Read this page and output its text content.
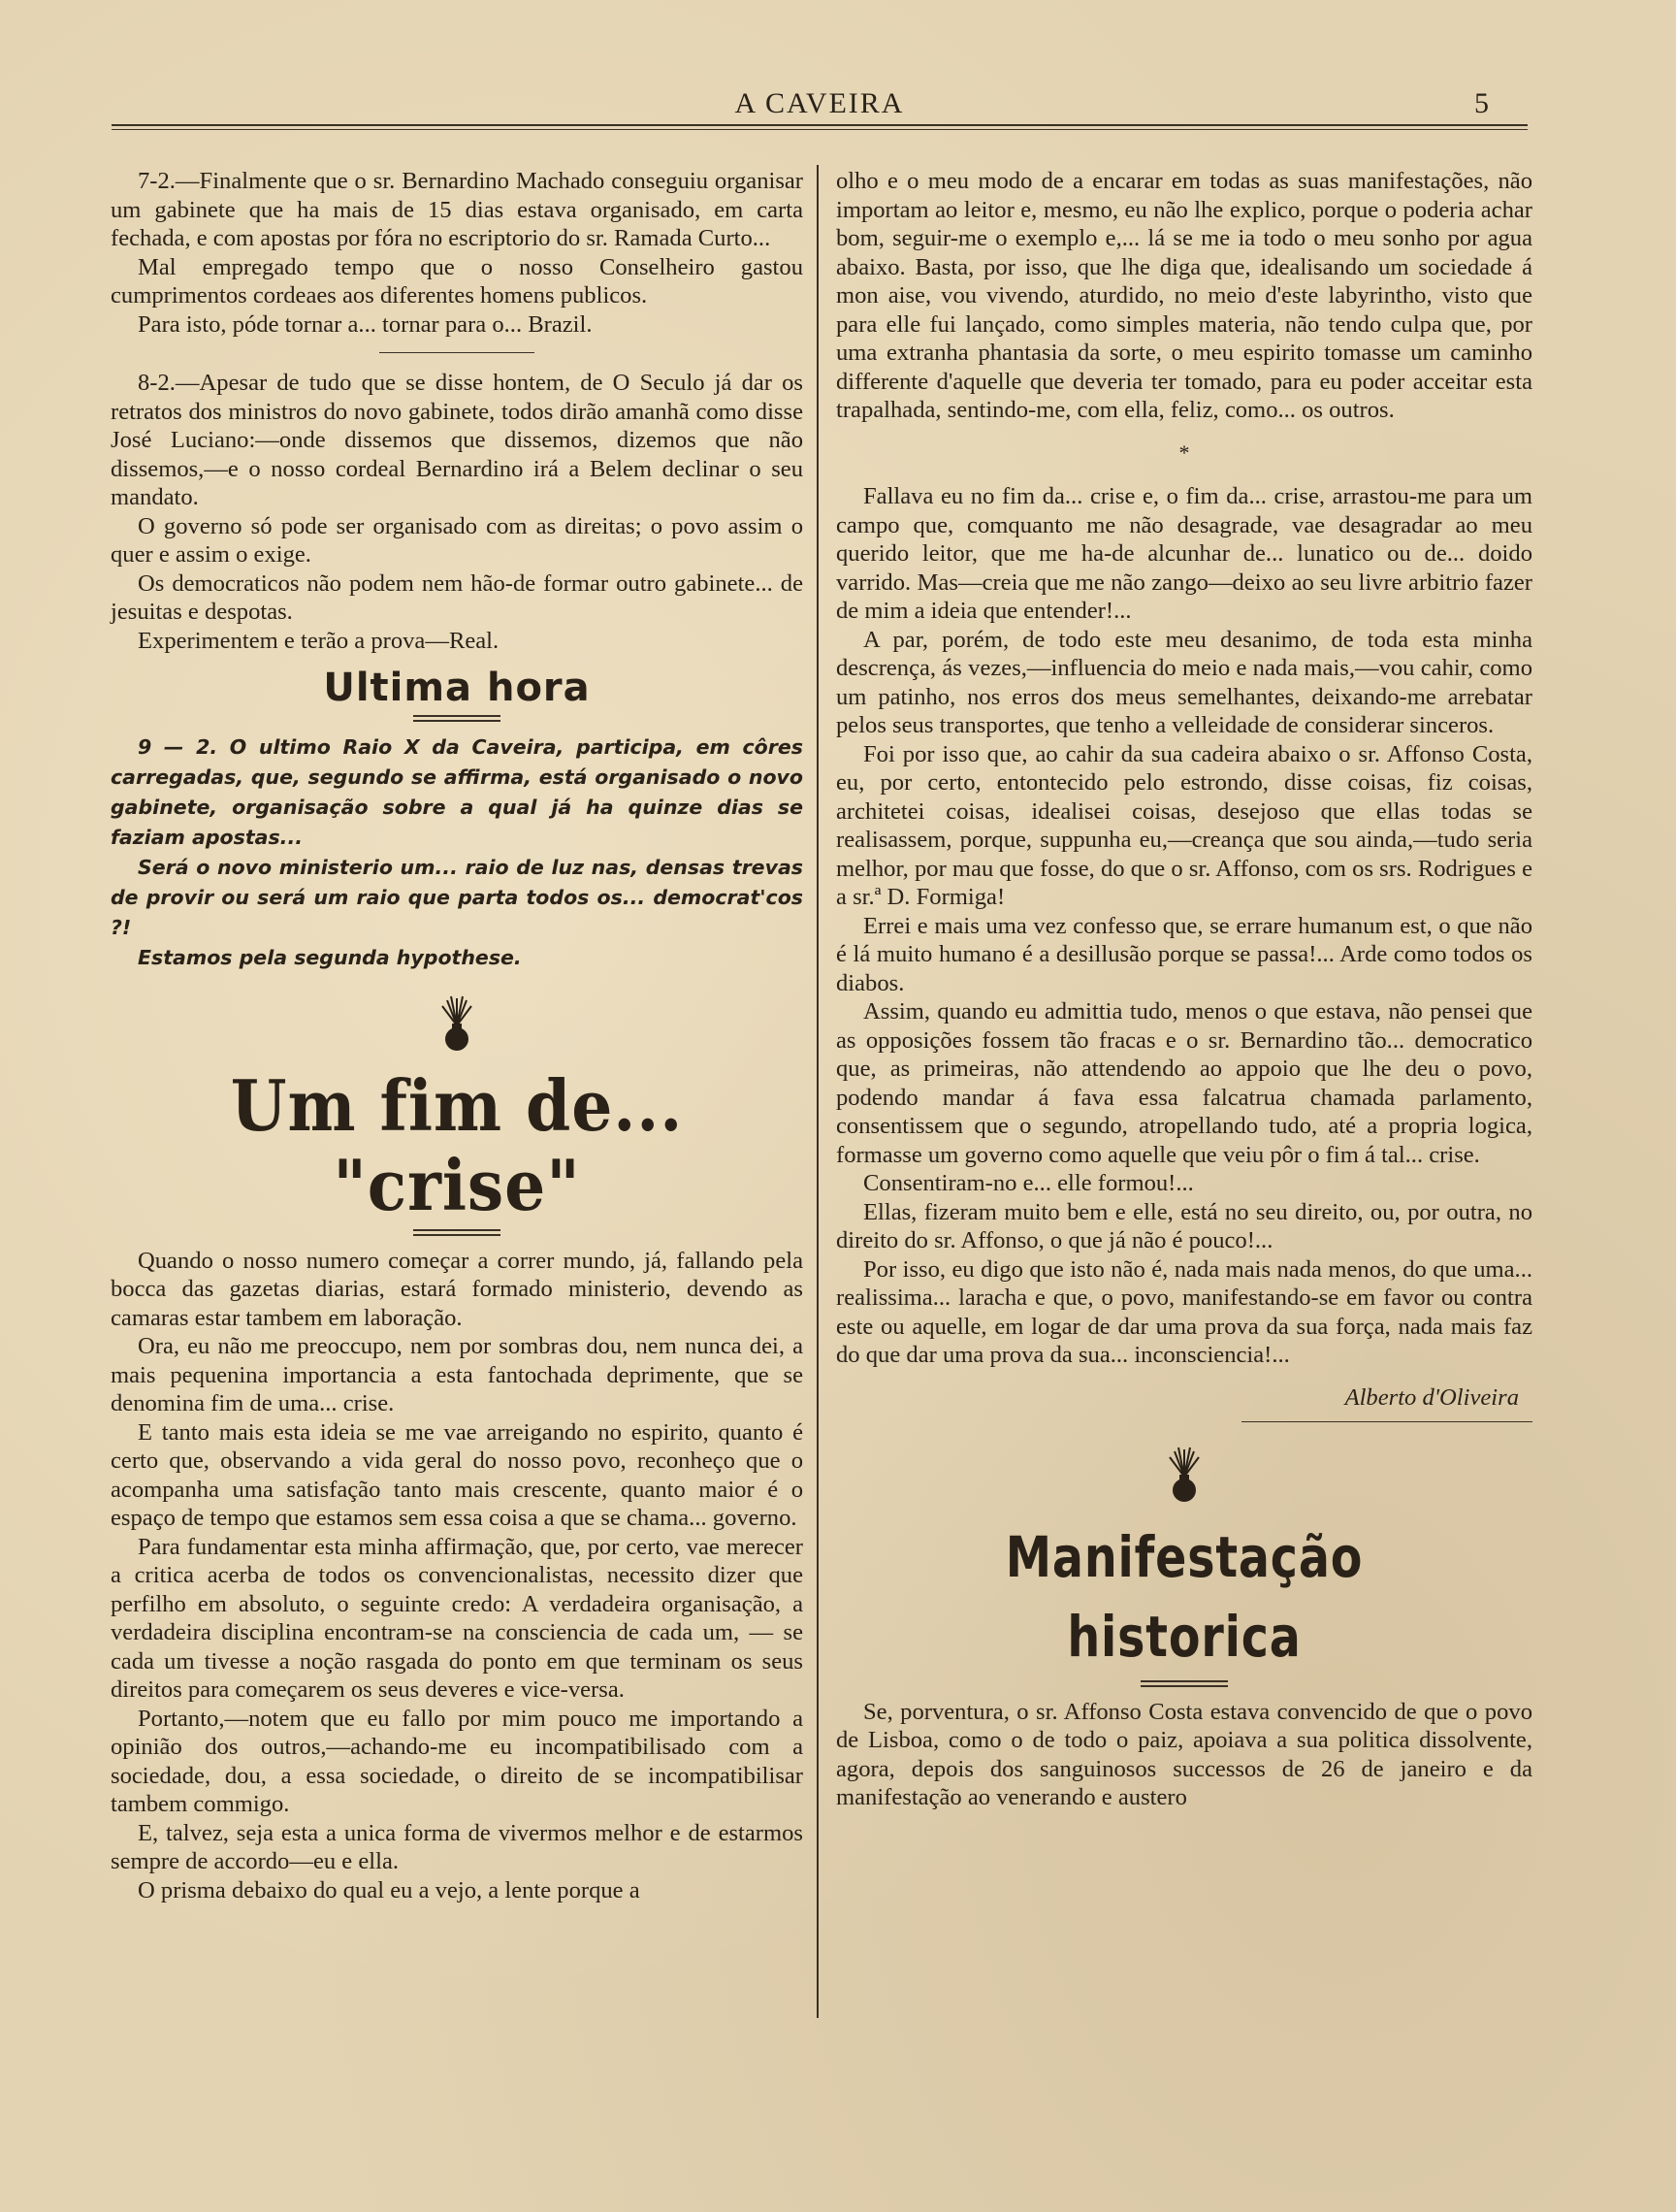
A CAVEIRA	5

7-2.—Finalmente que o sr. Bernardino Machado conseguiu organisar um gabinete que ha mais de 15 dias estava organisado, em carta fechada, e com apostas por fóra no escriptorio do sr. Ramada Curto...

Mal empregado tempo que o nosso Conselheiro gastou cumprimentos cordeaes aos diferentes homens publicos.

Para isto, póde tornar a... tornar para o... Brazil.

8-2.—Apesar de tudo que se disse hontem, de O Seculo já dar os retratos dos ministros do novo gabinete, todos dirão amanhã como disse José Luciano:—onde dissemos que dissemos, dizemos que não dissemos,—e o nosso cordeal Bernardino irá a Belem declinar o seu mandato.

O governo só pode ser organisado com as direitas; o povo assim o quer e assim o exige.

Os democraticos não podem nem hão-de formar outro gabinete... de jesuitas e despotas.

Experimentem e terão a prova—Real.

Ultima hora

9 — 2. O ultimo Raio X da Caveira, participa, em côres carregadas, que, segundo se affirma, está organisado o novo gabinete, organisação sobre a qual já ha quinze dias se faziam apostas...

Será o novo ministerio um... raio de luz nas, densas trevas de provir ou será um raio que parta todos os... democrat'cos ?!

Estamos pela segunda hypothese.

Um fim de... "crise"

Quando o nosso numero começar a correr mundo, já, fallando pela bocca das gazetas diarias, estará formado ministerio, devendo as camaras estar tambem em laboração.

Ora, eu não me preoccupo, nem por sombras dou, nem nunca dei, a mais pequenina importancia a esta fantochada deprimente, que se denomina fim de uma... crise.

E tanto mais esta ideia se me vae arreigando no espirito, quanto é certo que, observando a vida geral do nosso povo, reconheço que o acompanha uma satisfação tanto mais crescente, quanto maior é o espaço de tempo que estamos sem essa coisa a que se chama... governo.

Para fundamentar esta minha affirmação, que, por certo, vae merecer a critica acerba de todos os convencionalistas, necessito dizer que perfilho em absoluto, o seguinte credo: A verdadeira organisação, a verdadeira disciplina encontram-se na consciencia de cada um, — se cada um tivesse a noção rasgada do ponto em que terminam os seus direitos para começarem os seus deveres e vice-versa.

Portanto,—notem que eu fallo por mim pouco me importando a opinião dos outros,—achando-me eu incompatibilisado com a sociedade, dou, a essa sociedade, o direito de se incompatibilisar tambem commigo.

E, talvez, seja esta a unica forma de vivermos melhor e de estarmos sempre de accordo—eu e ella.

O prisma debaixo do qual eu a vejo, a lente porque a

olho e o meu modo de a encarar em todas as suas manifestações, não importam ao leitor e, mesmo, eu não lhe explico, porque o poderia achar bom, seguir-me o exemplo e,... lá se me ia todo o meu sonho por agua abaixo. Basta, por isso, que lhe diga que, idealisando um sociedade á mon aise, vou vivendo, aturdido, no meio d'este labyrintho, visto que para elle fui lançado, como simples materia, não tendo culpa que, por uma extranha phantasia da sorte, o meu espirito tomasse um caminho differente d'aquelle que deveria ter tomado, para eu poder acceitar esta trapalhada, sentindo-me, com ella, feliz, como... os outros.

*

Fallava eu no fim da... crise e, o fim da... crise, arrastou-me para um campo que, comquanto me não desagrade, vae desagradar ao meu querido leitor, que me ha-de alcunhar de... lunatico ou de... doido varrido. Mas—creia que me não zango—deixo ao seu livre arbitrio fazer de mim a ideia que entender!...

A par, porém, de todo este meu desanimo, de toda esta minha descrença, ás vezes,—influencia do meio e nada mais,—vou cahir, como um patinho, nos erros dos meus semelhantes, deixando-me arrebatar pelos seus transportes, que tenho a velleidade de considerar sinceros.

Foi por isso que, ao cahir da sua cadeira abaixo o sr. Affonso Costa, eu, por certo, entontecido pelo estrondo, disse coisas, fiz coisas, architetei coisas, idealisei coisas, desejoso que ellas todas se realisassem, porque, suppunha eu,—creança que sou ainda,—tudo seria melhor, por mau que fosse, do que o sr. Affonso, com os srs. Rodrigues e a sr.ª D. Formiga!

Errei e mais uma vez confesso que, se errare humanum est, o que não é lá muito humano é a desillusão porque se passa!... Arde como todos os diabos.

Assim, quando eu admittia tudo, menos o que estava, não pensei que as opposições fossem tão fracas e o sr. Bernardino tão... democratico que, as primeiras, não attendendo ao appoio que lhe deu o povo, podendo mandar á fava essa falcatrua chamada parlamento, consentissem que o segundo, atropellando tudo, até a propria logica, formasse um governo como aquelle que veiu pôr o fim á tal... crise.

Consentiram-no e... elle formou!...

Ellas, fizeram muito bem e elle, está no seu direito, ou, por outra, no direito do sr. Affonso, o que já não é pouco!...

Por isso, eu digo que isto não é, nada mais nada menos, do que uma... realissima... laracha e que, o povo, manifestando-se em favor ou contra este ou aquelle, em logar de dar uma prova da sua força, nada mais faz do que dar uma prova da sua... inconsciencia!...

Alberto d'Oliveira
Manifestação historica

Se, porventura, o sr. Affonso Costa estava convencido de que o povo de Lisboa, como o de todo o paiz, apoiava a sua politica dissolvente, agora, depois dos sanguinosos successos de 26 de janeiro e da manifestação ao venerando e austero
